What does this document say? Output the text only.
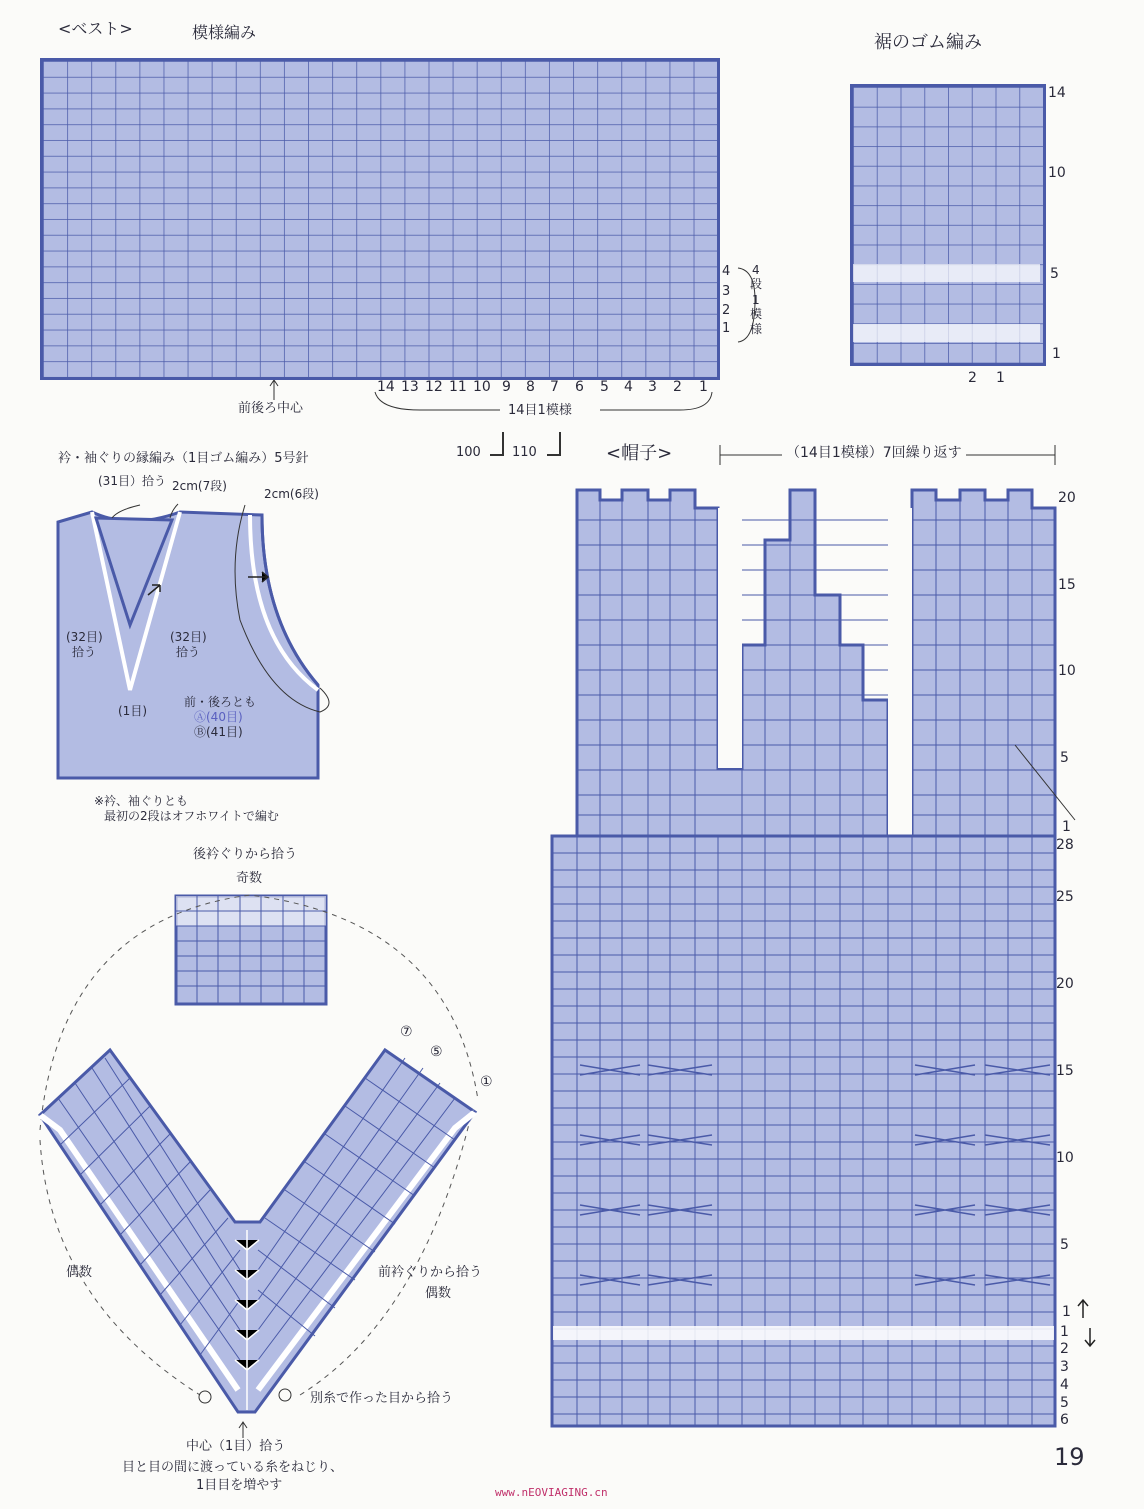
<ベスト>	模様編み	裾のゴム編み
4
3
2
1
4
段
1
模
様
14 13 12 11 10 9 8 7 6 5 4 3 2 1
14目1模様
前後ろ中心
100 110
14
10
5
1
2 1
衿・袖ぐりの縁編み（1目ゴム編み）5号針
(31目）拾う 2cm(7段)
2cm(6段)
(32目)
拾う
(32目)
拾う
(1目)
前・後ろとも
Ⓐ(40目)
Ⓑ(41目)
※衿、袖ぐりとも
最初の2段はオフホワイトで編む
後衿ぐりから拾う
奇数
偶数	前衿ぐりから拾う
偶数
⑦
⑤
①
別糸で作った目から拾う
中心（1目）拾う
目と目の間に渡っている糸をねじり、
1目目を増やす
<帽子>	（14目1模様）7回繰り返す
20
15
10
5
1
28
25
20
15
10
5
1
1
2
3
4
5
6
19
www.nEOVIAGING.cn
